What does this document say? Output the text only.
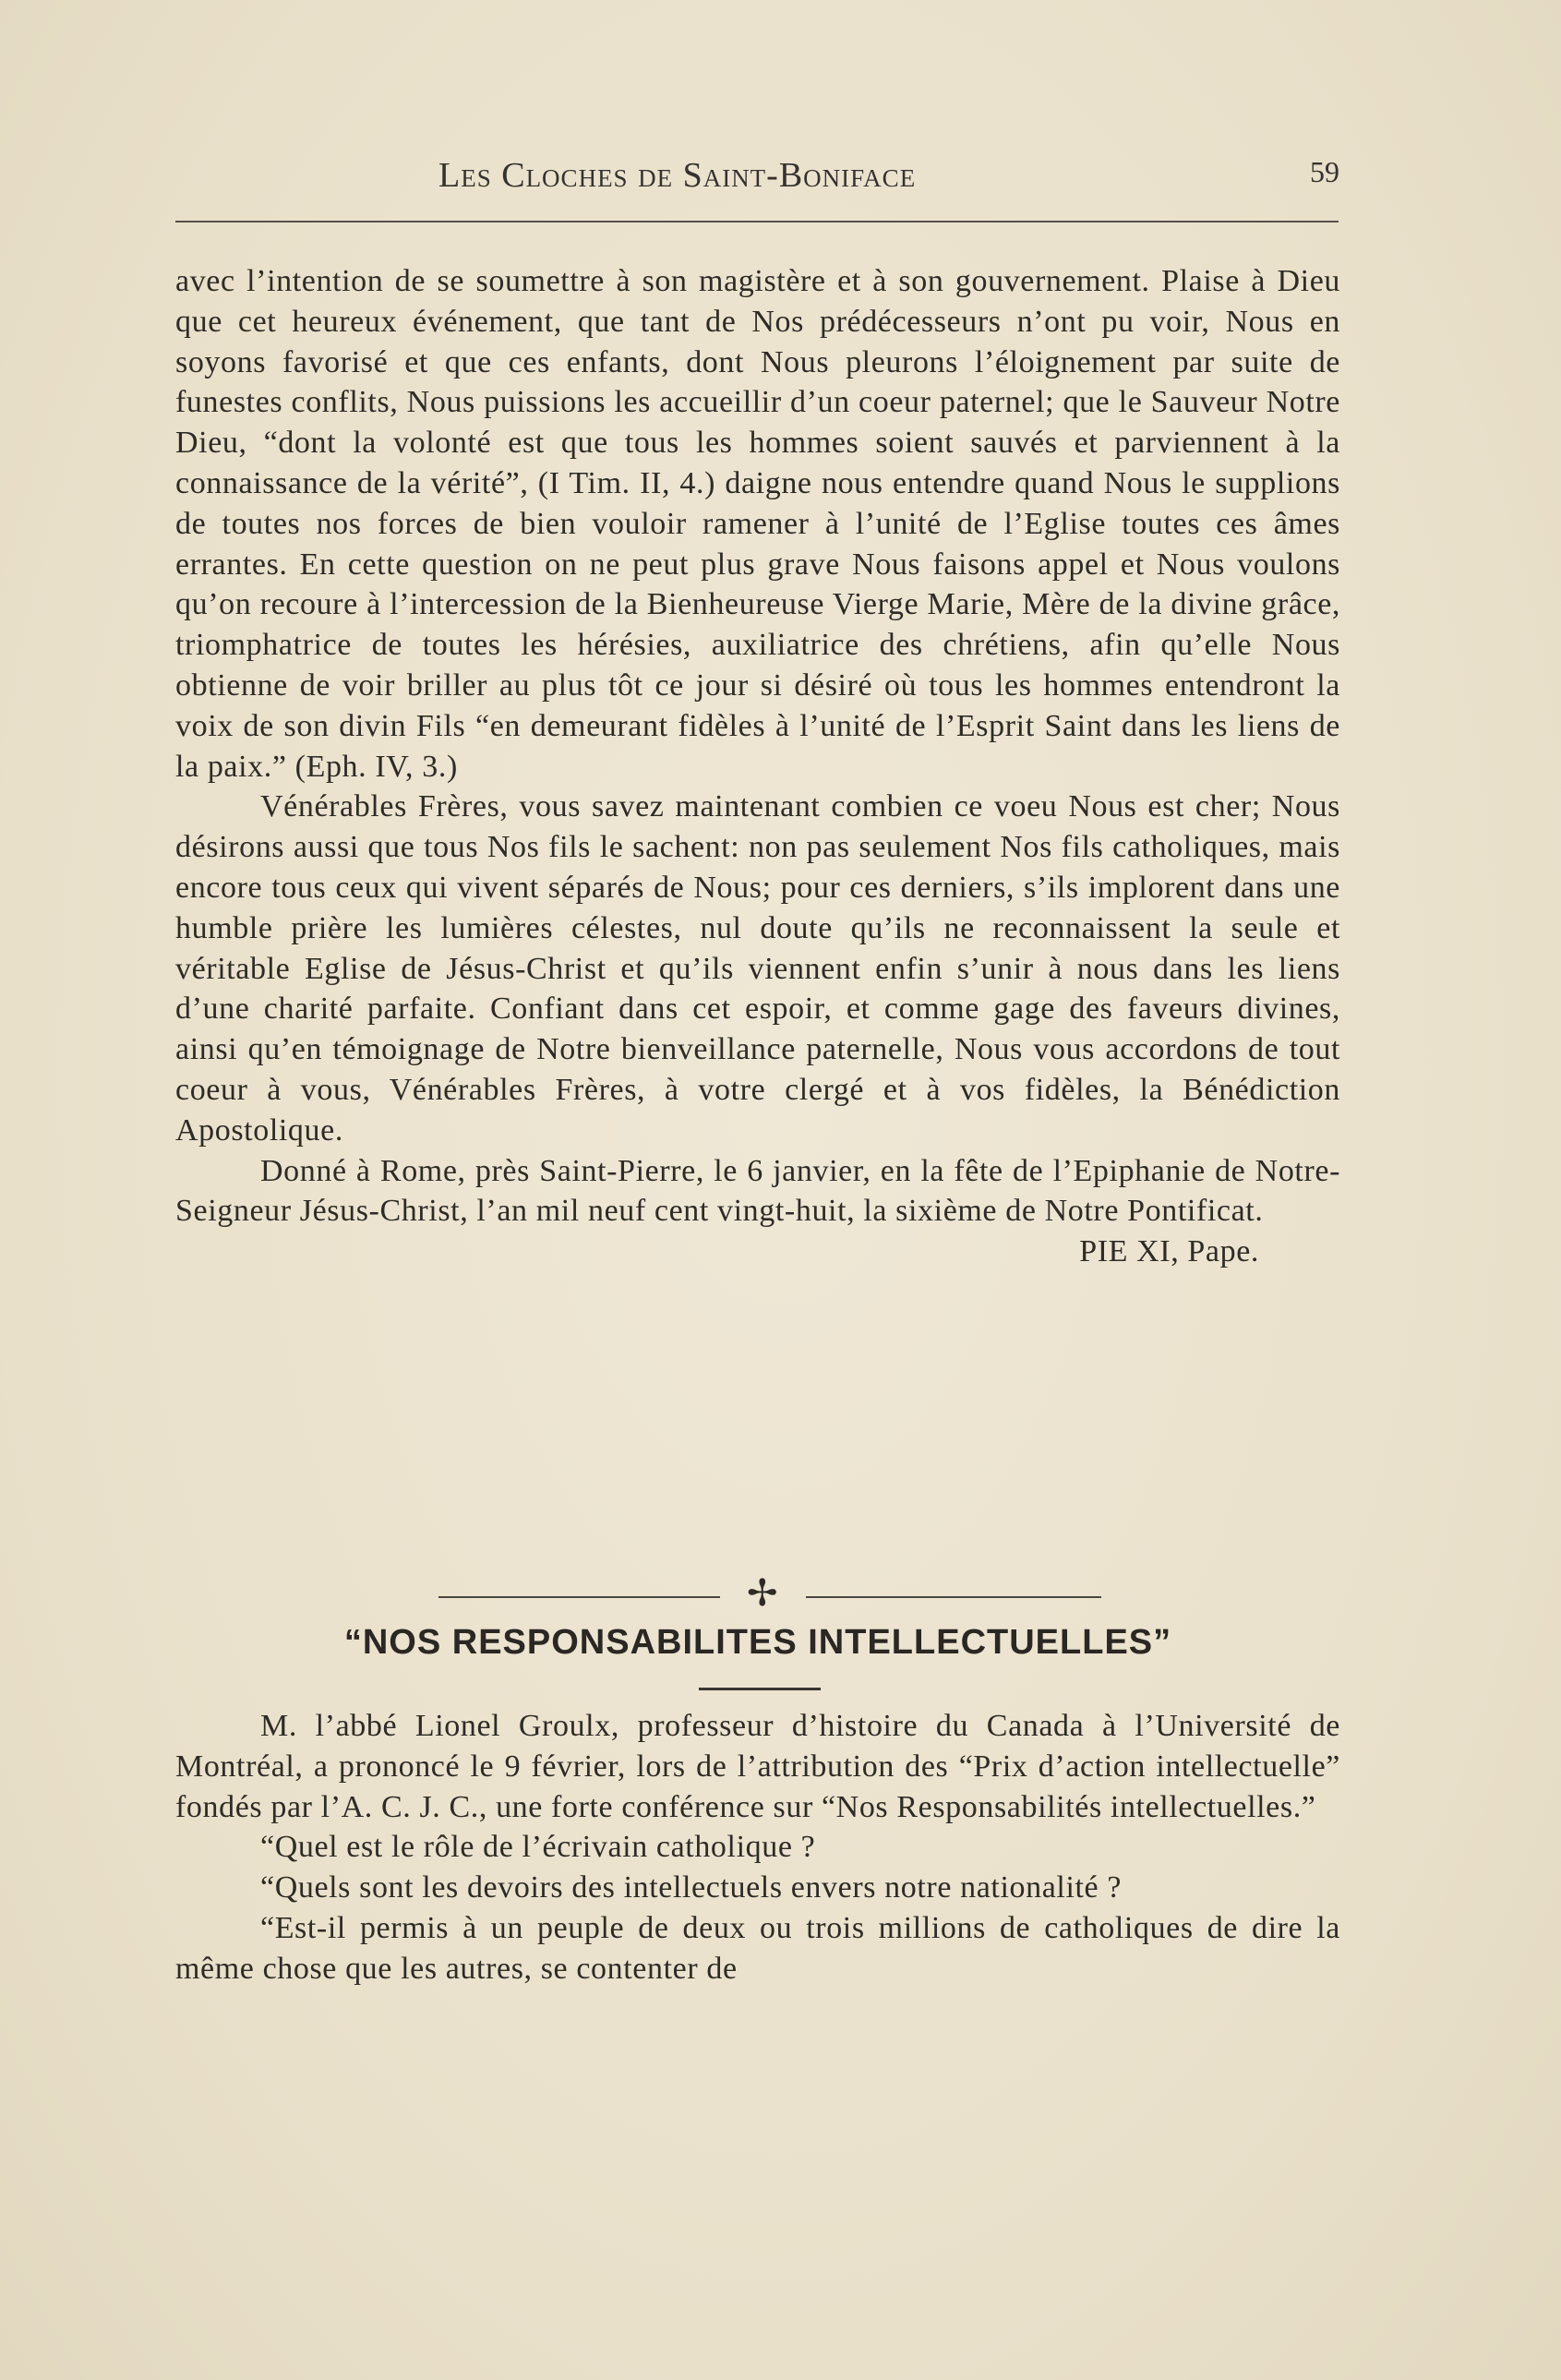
Les Cloches de Saint-Boniface	59

avec l’intention de se soumettre à son magistère et à son gouvernement. Plaise à Dieu que cet heureux événement, que tant de Nos prédécesseurs n’ont pu voir, Nous en soyons favorisé et que ces enfants, dont Nous pleurons l’éloignement par suite de funestes conflits, Nous puissions les accueillir d’un coeur paternel; que le Sauveur Notre Dieu, “dont la volonté est que tous les hommes soient sauvés et parviennent à la connaissance de la vérité”, (I Tim. II, 4.) daigne nous entendre quand Nous le supplions de toutes nos forces de bien vouloir ramener à l’unité de l’Eglise toutes ces âmes errantes. En cette question on ne peut plus grave Nous faisons appel et Nous voulons qu’on recoure à l’intercession de la Bienheureuse Vierge Marie, Mère de la divine grâce, triomphatrice de toutes les hérésies, auxiliatrice des chrétiens, afin qu’elle Nous obtienne de voir briller au plus tôt ce jour si désiré où tous les hommes entendront la voix de son divin Fils “en demeurant fidèles à l’unité de l’Esprit Saint dans les liens de la paix.” (Eph. IV, 3.)

Vénérables Frères, vous savez maintenant combien ce voeu Nous est cher; Nous désirons aussi que tous Nos fils le sachent: non pas seulement Nos fils catholiques, mais encore tous ceux qui vivent séparés de Nous; pour ces derniers, s’ils implorent dans une humble prière les lumières célestes, nul doute qu’ils ne reconnaissent la seule et véritable Eglise de Jésus-Christ et qu’ils viennent enfin s’unir à nous dans les liens d’une charité parfaite. Confiant dans cet espoir, et comme gage des faveurs divines, ainsi qu’en témoignage de Notre bienveillance paternelle, Nous vous accordons de tout coeur à vous, Vénérables Frères, à votre clergé et à vos fidèles, la Bénédiction Apostolique.

Donné à Rome, près Saint-Pierre, le 6 janvier, en la fête de l’Epiphanie de Notre-Seigneur Jésus-Christ, l’an mil neuf cent vingt-huit, la sixième de Notre Pontificat.

PIE XI, Pape.

✢
“NOS RESPONSABILITES INTELLECTUELLES”

M. l’abbé Lionel Groulx, professeur d’histoire du Canada à l’Université de Montréal, a prononcé le 9 février, lors de l’attribution des “Prix d’action intellectuelle” fondés par l’A. C. J. C., une forte conférence sur “Nos Responsabilités intellectuelles.”

“Quel est le rôle de l’écrivain catholique ?

“Quels sont les devoirs des intellectuels envers notre nationalité ?

“Est-il permis à un peuple de deux ou trois millions de catholiques de dire la même chose que les autres, se contenter de
